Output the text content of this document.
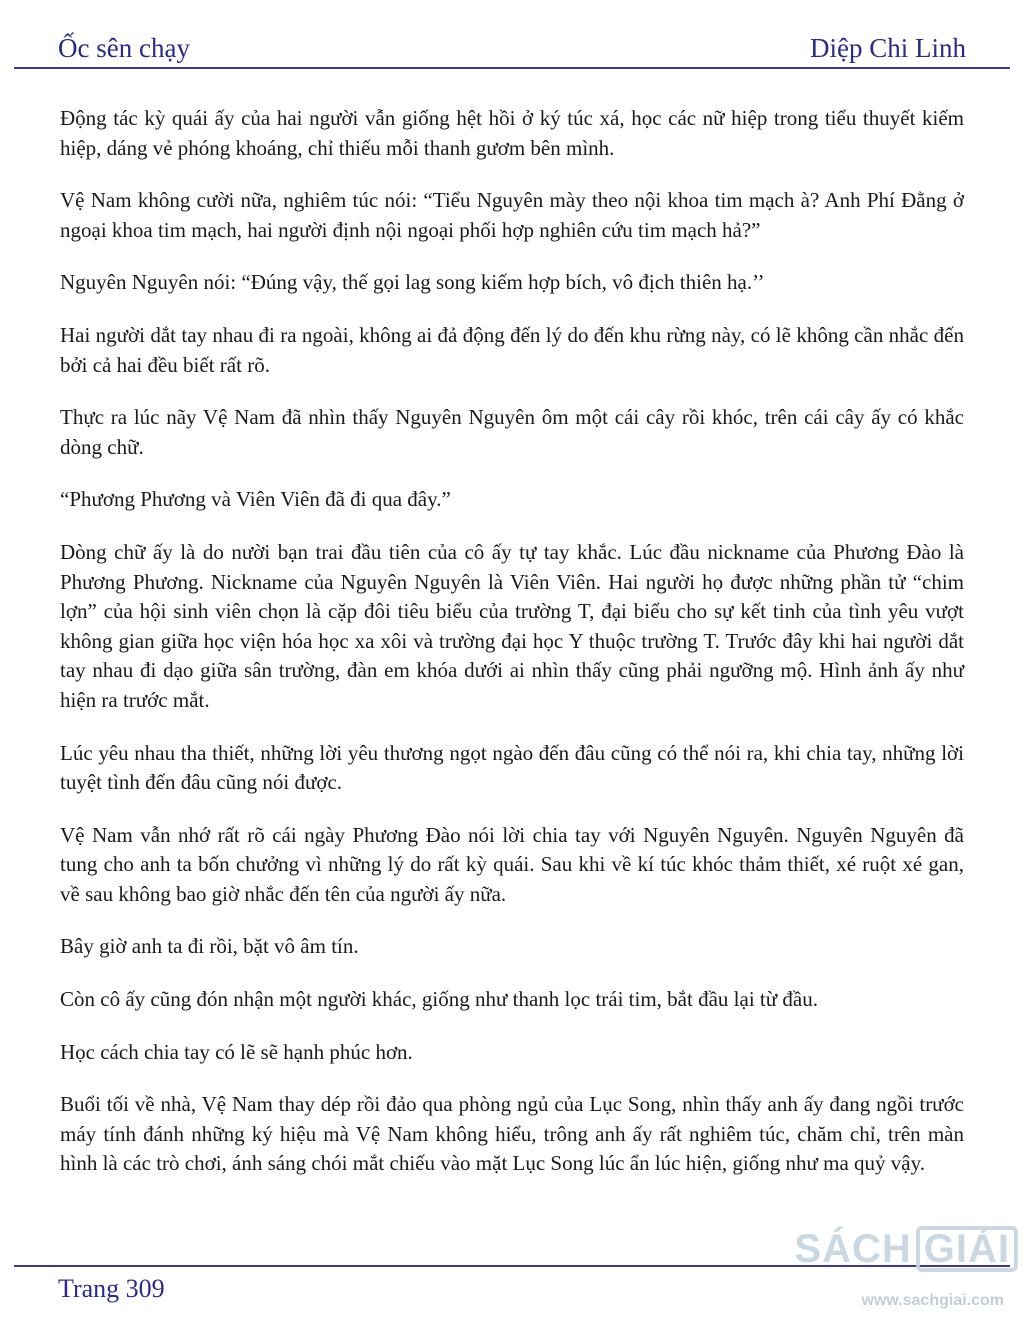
Ốc sên chạy	Diệp Chi Linh

Động tác kỳ quái ấy của hai người vẫn giống hệt hồi ở ký túc xá, học các nữ hiệp trong tiểu thuyết kiếm hiệp, dáng vẻ phóng khoáng, chỉ thiếu mỗi thanh gươm bên mình.

Vệ Nam không cười nữa, nghiêm túc nói: “Tiểu Nguyên mày theo nội khoa tim mạch à? Anh Phí Đằng ở ngoại khoa tim mạch, hai người định nội ngoại phối hợp nghiên cứu tim mạch hả?”

Nguyên Nguyên nói: “Đúng vậy, thế gọi lag song kiếm hợp bích, vô địch thiên hạ.’’

Hai người dắt tay nhau đi ra ngoài, không ai đả động đến lý do đến khu rừng này, có lẽ không cần nhắc đến bởi cả hai đều biết rất rõ.

Thực ra lúc nãy Vệ Nam đã nhìn thấy Nguyên Nguyên ôm một cái cây rồi khóc, trên cái cây ấy có khắc dòng chữ.

“Phương Phương và Viên Viên đã đi qua đây.”

Dòng chữ ấy là do nười bạn trai đầu tiên của cô ấy tự tay khắc. Lúc đầu nickname của Phương Đào là Phương Phương. Nickname của Nguyên Nguyên là Viên Viên. Hai người họ được những phần tử “chim lợn” của hội sinh viên chọn là cặp đôi tiêu biểu của trường T, đại biểu cho sự kết tinh của tình yêu vượt không gian giữa học viện hóa học xa xôi và trường đại học Y thuộc trường T. Trước đây khi hai người dắt tay nhau đi dạo giữa sân trường, đàn em khóa dưới ai nhìn thấy cũng phải ngưỡng mộ. Hình ảnh ấy như hiện ra trước mắt.

Lúc yêu nhau tha thiết, những lời yêu thương ngọt ngào đến đâu cũng có thể nói ra, khi chia tay, những lời tuyệt tình đến đâu cũng nói được.

Vệ Nam vẫn nhớ rất rõ cái ngày Phương Đào nói lời chia tay với Nguyên Nguyên. Nguyên Nguyên đã tung cho anh ta bốn chưởng vì những lý do rất kỳ quái. Sau khi về kí túc khóc thảm thiết, xé ruột xé gan, về sau không bao giờ nhắc đến tên của người ấy nữa.

Bây giờ anh ta đi rồi, bặt vô âm tín.

Còn cô ấy cũng đón nhận một người khác, giống như thanh lọc trái tim, bắt đầu lại từ đầu.

Học cách chia tay có lẽ sẽ hạnh phúc hơn.

Buổi tối về nhà, Vệ Nam thay dép rồi đảo qua phòng ngủ của Lục Song, nhìn thấy anh ấy đang ngồi trước máy tính đánh những ký hiệu mà Vệ Nam không hiểu, trông anh ấy rất nghiêm túc, chăm chỉ, trên màn hình là các trò chơi, ánh sáng chói mắt chiếu vào mặt Lục Song lúc ẩn lúc hiện, giống như ma quỷ vậy.

Trang 309
SÁCH GIẢI
www.sachgiai.com
